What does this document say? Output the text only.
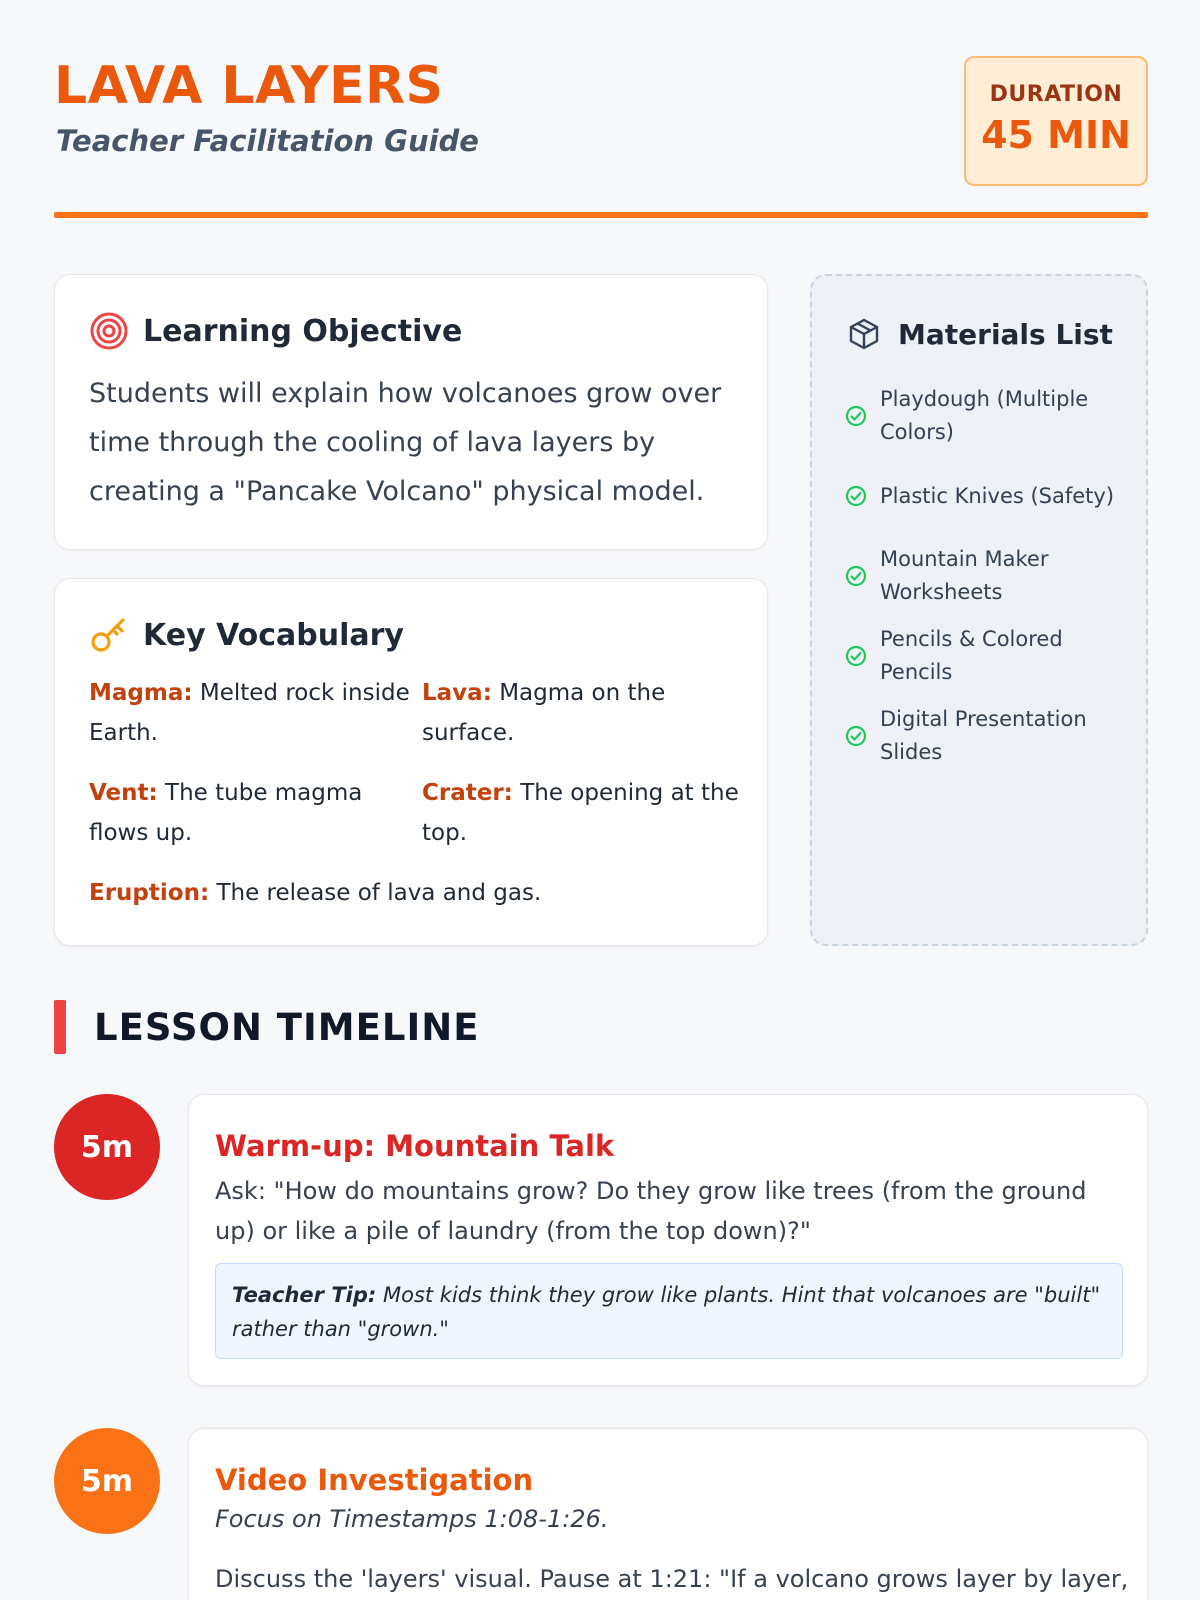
LAVA LAYERS
Teacher Facilitation Guide
DURATION
45 MIN
Learning Objective
Students will explain how volcanoes grow over time through the cooling of lava layers by creating a "Pancake Volcano" physical model.
Key Vocabulary
Magma: Melted rock inside Earth.
Lava: Magma on the surface.
Vent: The tube magma flows up.
Crater: The opening at the top.
Eruption: The release of lava and gas.
Materials List
Playdough (Multiple Colors)
Plastic Knives (Safety)
Mountain Maker Worksheets
Pencils & Colored Pencils
Digital Presentation Slides
LESSON TIMELINE
5m	Warm-up: Mountain Talk
Ask: "How do mountains grow? Do they grow like trees (from the ground up) or like a pile of laundry (from the top down)?"
Teacher Tip: Most kids think they grow like plants. Hint that volcanoes are "built" rather than "grown."
5m	Video Investigation
Focus on Timestamps 1:08-1:26.
Discuss the 'layers' visual. Pause at 1:21: "If a volcano grows layer by layer,
